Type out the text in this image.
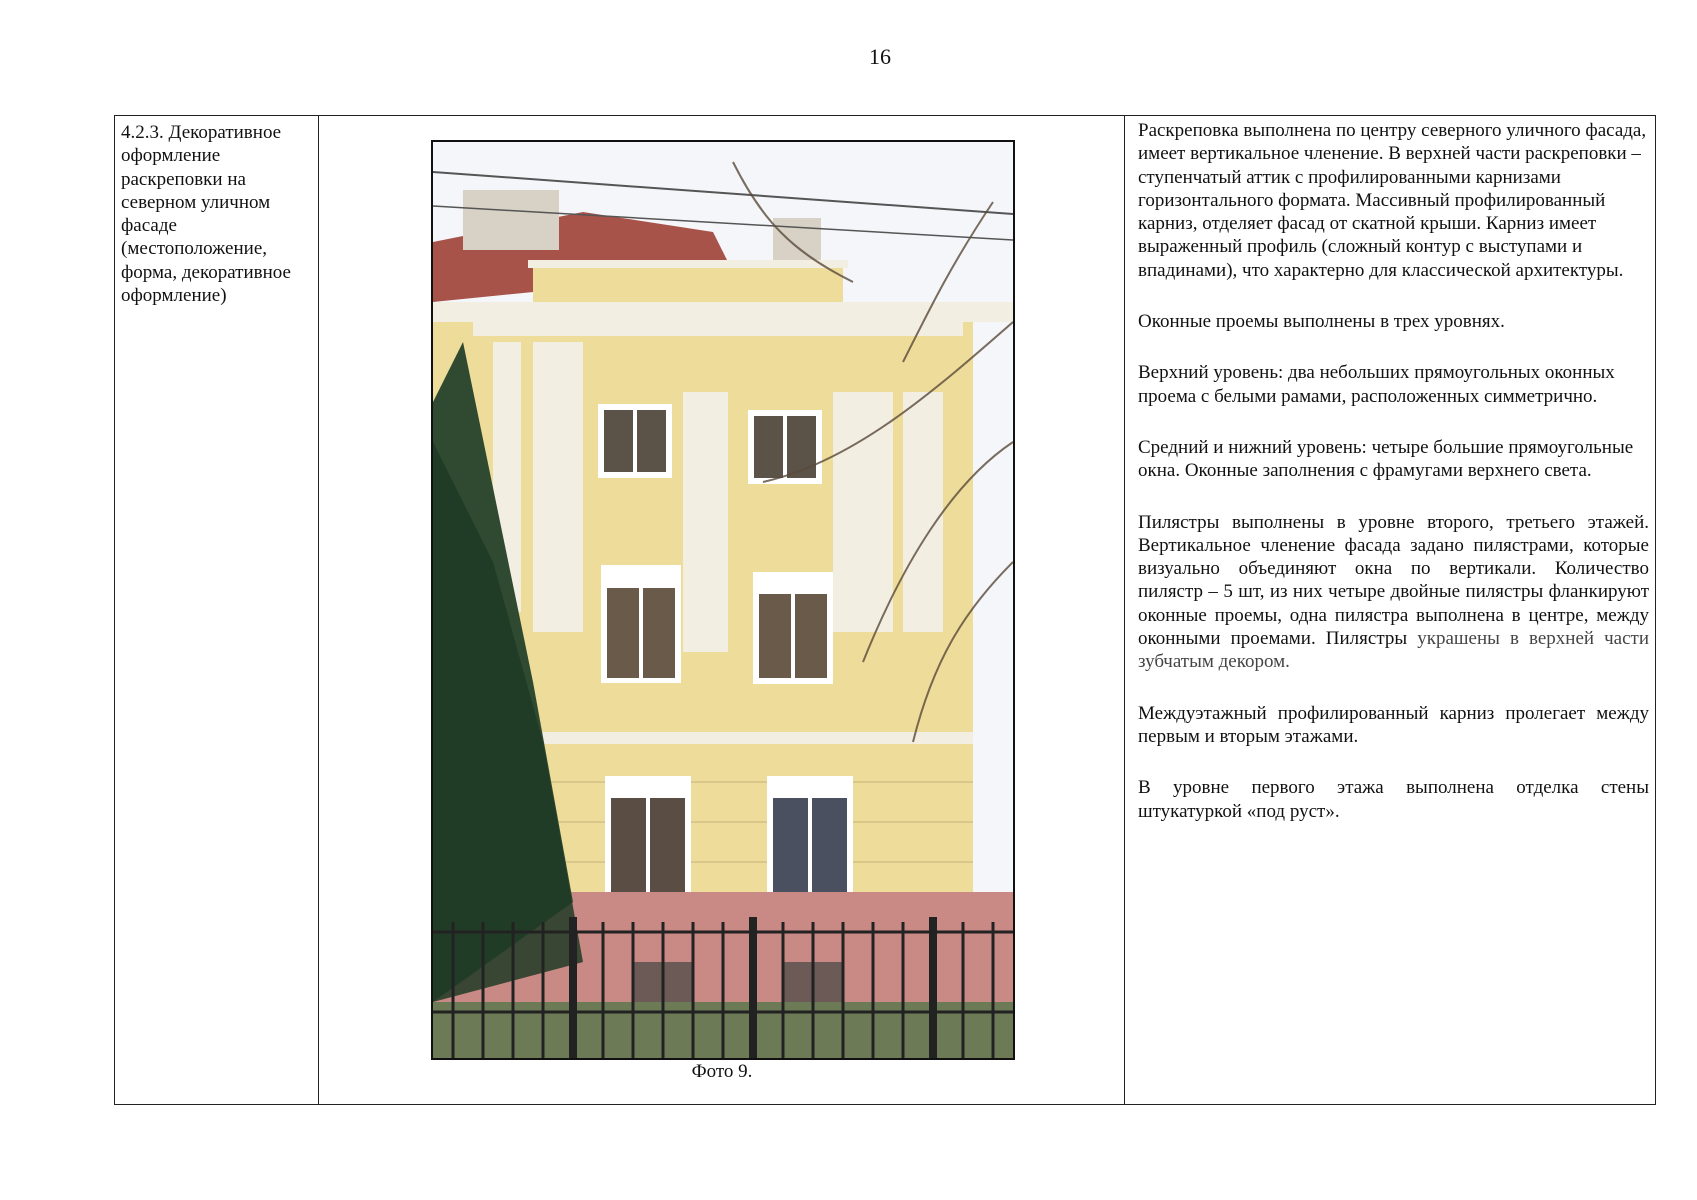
16
4.2.3. Декоративное оформление раскреповки на северном уличном фасаде (местоположение, форма, декоративное оформление)	
Фото 9.

Раскреповка выполнена по центру северного уличного фасада, имеет вертикальное членение. В верхней части раскреповки – ступенчатый аттик с профилированными карнизами горизонтального формата. Массивный профилированный карниз, отделяет фасад от скатной крыши. Карниз имеет выраженный профиль (сложный контур с выступами и впадинами), что характерно для классической архитектуры.

Оконные проемы выполнены в трех уровнях.

Верхний уровень: два небольших прямоугольных оконных проема с белыми рамами, расположенных симметрично.

Средний и нижний уровень: четыре большие прямоугольные окна. Оконные заполнения с фрамугами верхнего света.

Пилястры выполнены в уровне второго, третьего этажей. Вертикальное членение фасада задано пилястрами, которые визуально объединяют окна по вертикали. Количество пилястр – 5 шт, из них четыре двойные пилястры фланкируют оконные проемы, одна пилястра выполнена в центре, между оконными проемами. Пилястры украшены в верхней части зубчатым декором.

Междуэтажный профилированный карниз пролегает между первым и вторым этажами.

В уровне первого этажа выполнена отделка стены штукатуркой «под руст».
